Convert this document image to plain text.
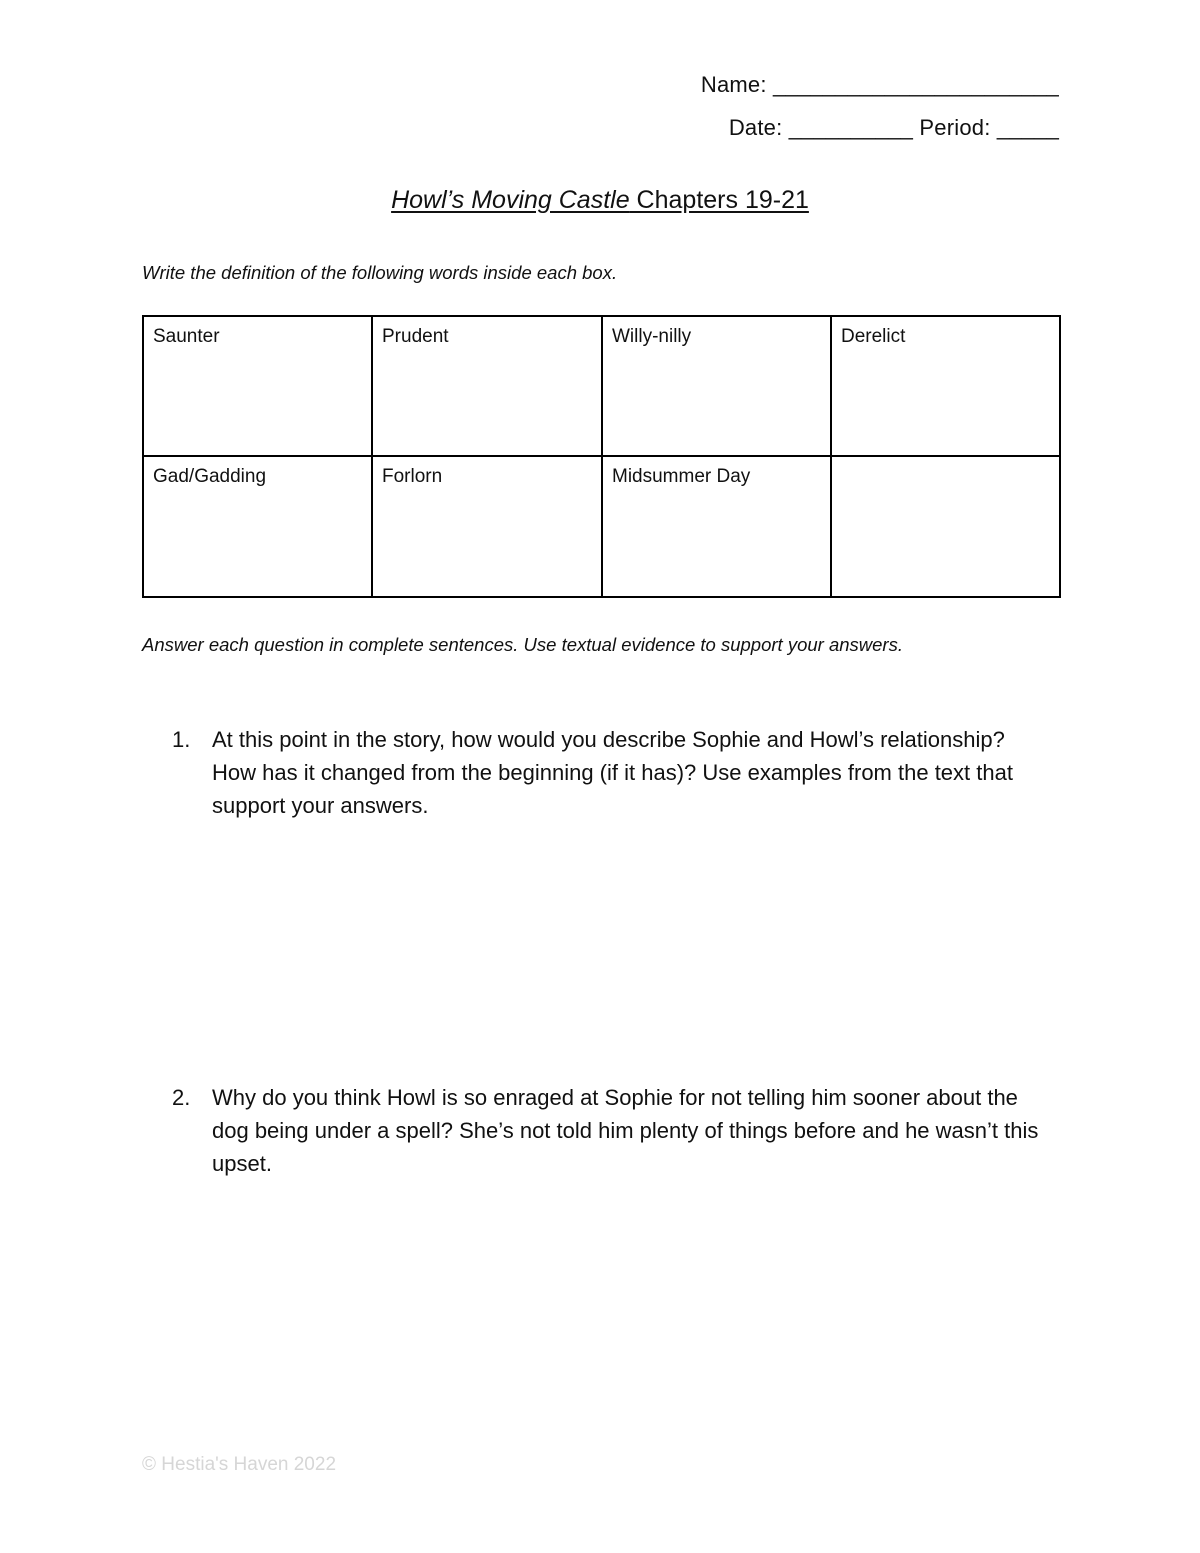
Name: _______________________
Date: __________ Period: _____
Howl’s Moving Castle Chapters 19-21
Write the definition of the following words inside each box.
Saunter	Prudent	Willy-nilly	Derelict
Gad/Gadding	Forlorn	Midsummer Day
Answer each question in complete sentences. Use textual evidence to support your answers.
1. At this point in the story, how would you describe Sophie and Howl’s relationship? How has it changed from the beginning (if it has)? Use examples from the text that support your answers.
2. Why do you think Howl is so enraged at Sophie for not telling him sooner about the dog being under a spell? She’s not told him plenty of things before and he wasn’t this upset.
© Hestia's Haven 2022
